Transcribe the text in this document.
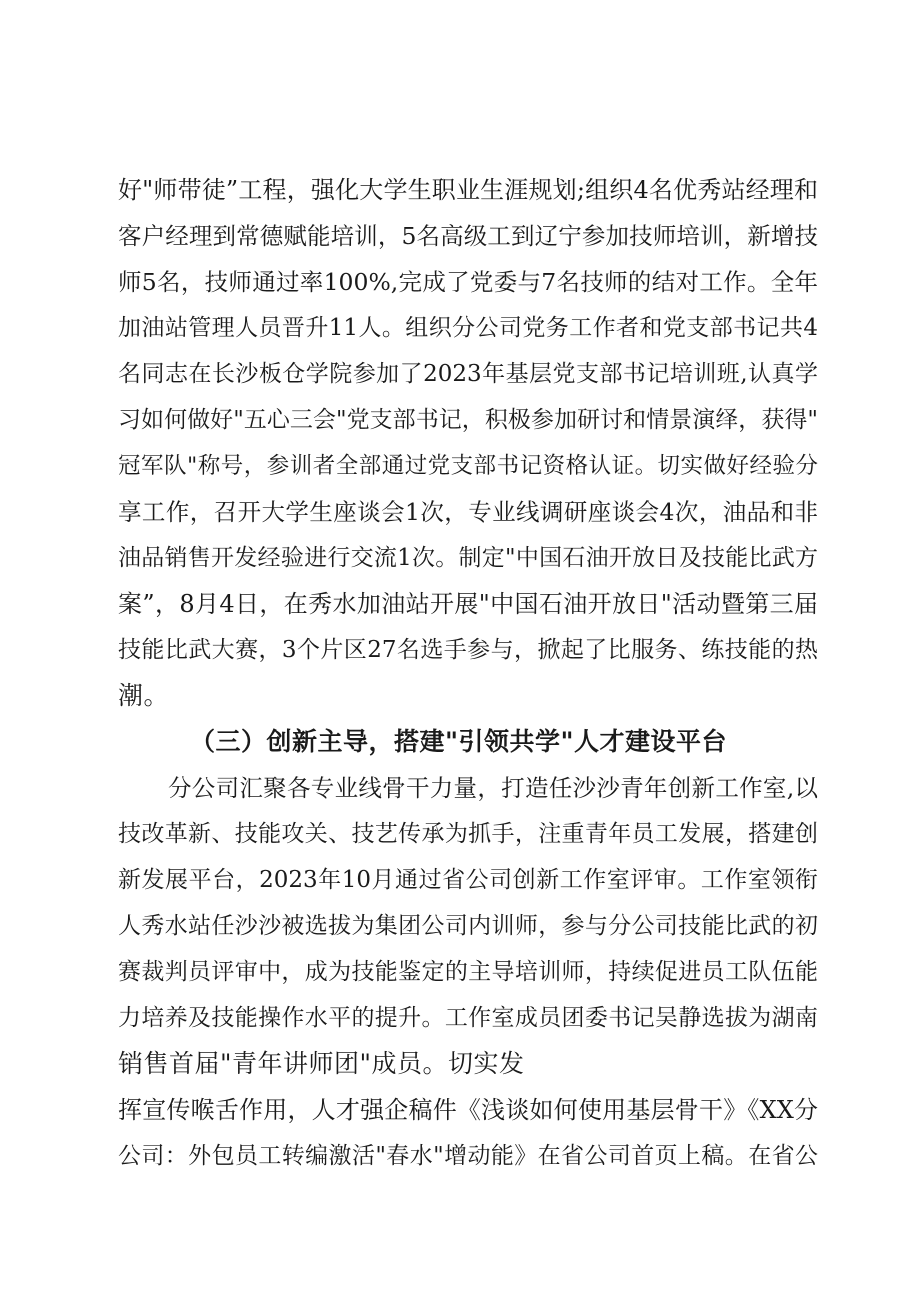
好"师带徒”工程，强化大学生职业生涯规划;组织4名优秀站经理和
客户经理到常德赋能培训，5名高级工到辽宁参加技师培训，新增技
师5名，技师通过率100%,完成了党委与7名技师的结对工作。全年
加油站管理人员晋升11人。组织分公司党务工作者和党支部书记共4
名同志在长沙板仓学院参加了2023年基层党支部书记培训班,认真学
习如何做好"五心三会"党支部书记，积极参加研讨和情景演绎，获得"
冠军队"称号，参训者全部通过党支部书记资格认证。切实做好经验分
享工作，召开大学生座谈会1次，专业线调研座谈会4次，油品和非
油品销售开发经验进行交流1次。制定"中国石油开放日及技能比武方
案”，8月4日，在秀水加油站开展"中国石油开放日"活动暨第三届
技能比武大赛，3个片区27名选手参与，掀起了比服务、练技能的热
潮。
（三）创新主导，搭建"引领共学"人才建设平台
分公司汇聚各专业线骨干力量，打造任沙沙青年创新工作室,以
技改革新、技能攻关、技艺传承为抓手，注重青年员工发展，搭建创
新发展平台，2023年10月通过省公司创新工作室评审。工作室领衔
人秀水站任沙沙被选拔为集团公司内训师，参与分公司技能比武的初
赛裁判员评审中，成为技能鉴定的主导培训师，持续促进员工队伍能
力培养及技能操作水平的提升。工作室成员团委书记吴静选拔为湖南
销售首届"青年讲师团"成员。切实发
挥宣传喉舌作用，人才强企稿件《浅谈如何使用基层骨干》《XX分
公司：外包员工转编激活"春水"增动能》在省公司首页上稿。在省公
